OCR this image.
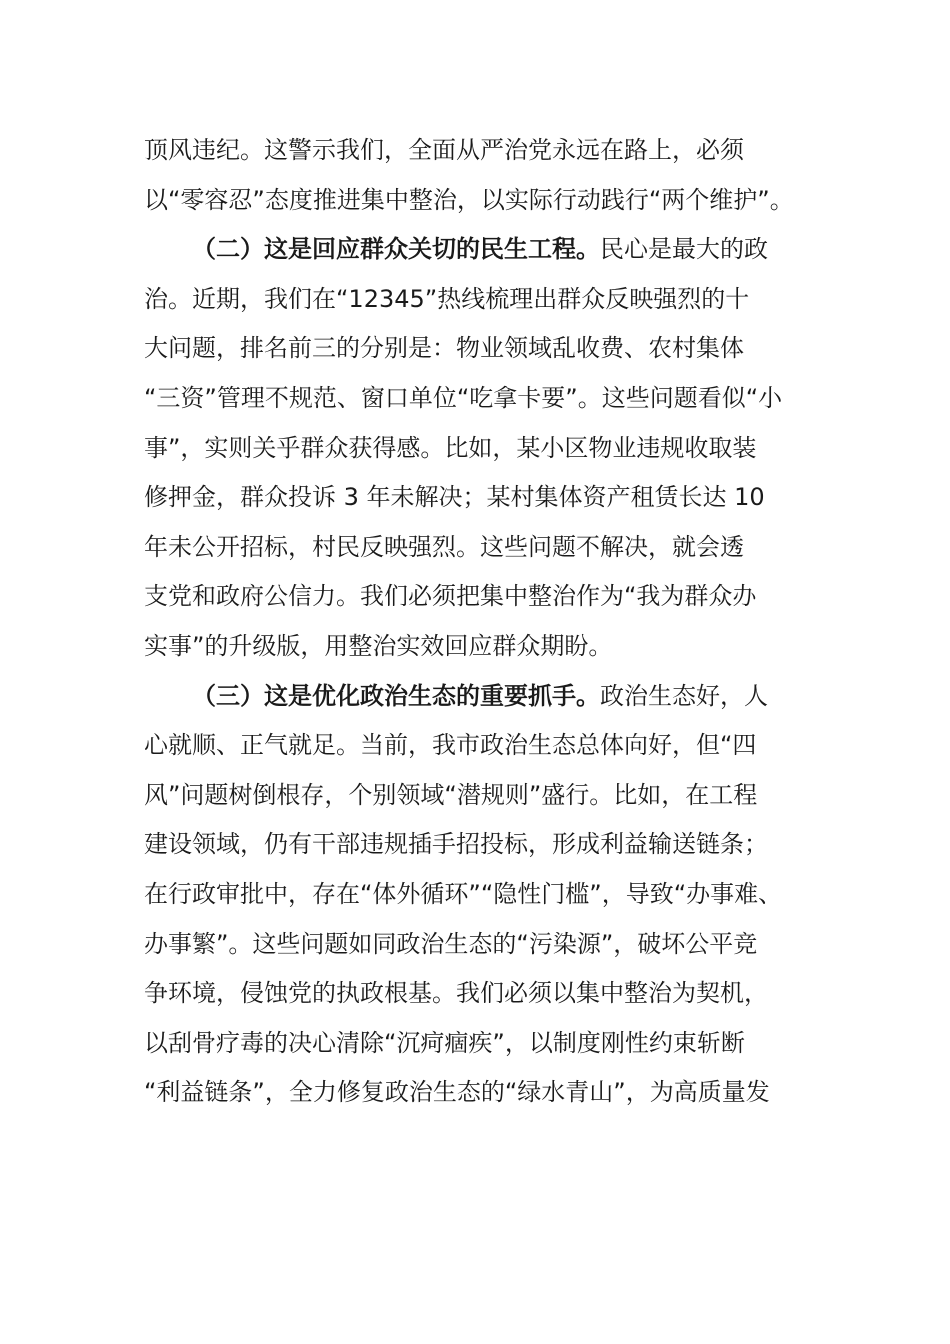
顶风违纪。这警示我们，全面从严治党永远在路上，必须
以“零容忍”态度推进集中整治，以实际行动践行“两个维护”。
（二）这是回应群众关切的民生工程。民心是最大的政
治。近期，我们在“12345”热线梳理出群众反映强烈的十
大问题，排名前三的分别是：物业领域乱收费、农村集体
“三资”管理不规范、窗口单位“吃拿卡要”。这些问题看似“小
事”，实则关乎群众获得感。比如，某小区物业违规收取装
修押金，群众投诉 3 年未解决；某村集体资产租赁长达 10
年未公开招标，村民反映强烈。这些问题不解决，就会透
支党和政府公信力。我们必须把集中整治作为“我为群众办
实事”的升级版，用整治实效回应群众期盼。
（三）这是优化政治生态的重要抓手。政治生态好，人
心就顺、正气就足。当前，我市政治生态总体向好，但“四
风”问题树倒根存，个别领域“潜规则”盛行。比如，在工程
建设领域，仍有干部违规插手招投标，形成利益输送链条；
在行政审批中，存在“体外循环”“隐性门槛”，导致“办事难、
办事繁”。这些问题如同政治生态的“污染源”，破坏公平竞
争环境，侵蚀党的执政根基。我们必须以集中整治为契机，
以刮骨疗毒的决心清除“沉疴痼疾”，以制度刚性约束斩断
“利益链条”，全力修复政治生态的“绿水青山”，为高质量发
